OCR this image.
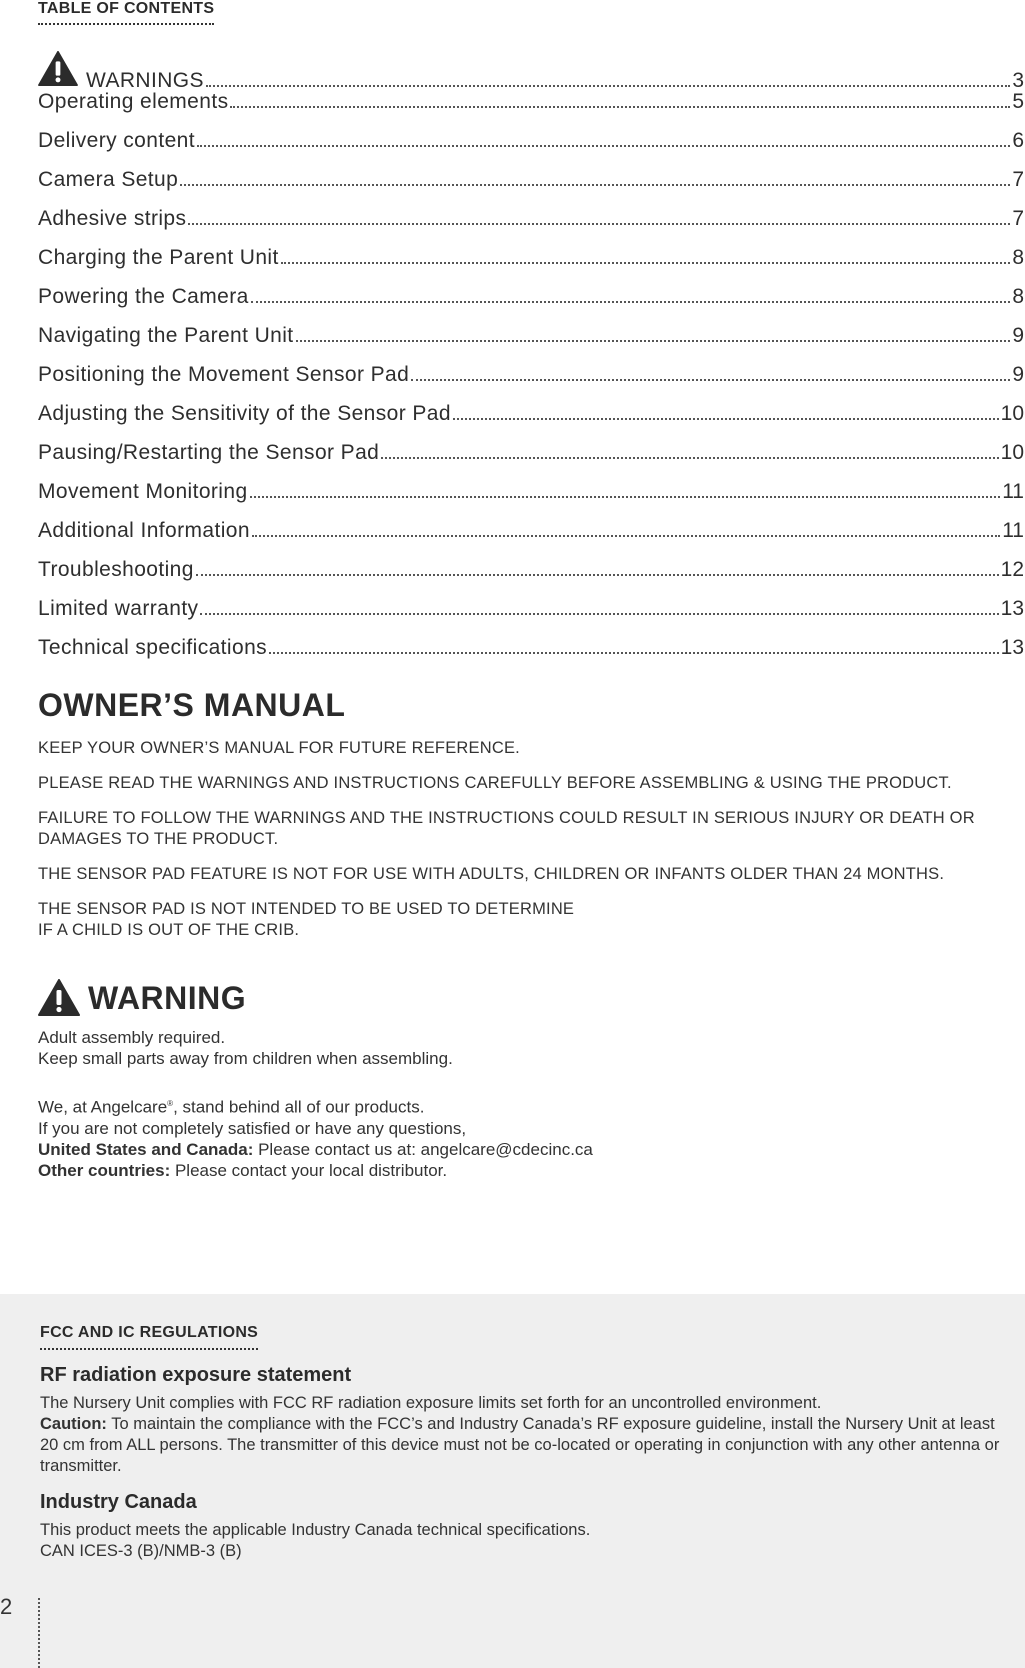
TABLE OF CONTENTS
WARNINGS	3
Operating elements	5
Delivery content	6
Camera Setup	7
Adhesive strips	7
Charging the Parent Unit	8
Powering the Camera	8
Navigating the Parent Unit	9
Positioning the Movement Sensor Pad	9
Adjusting the Sensitivity of the Sensor Pad	10
Pausing/Restarting the Sensor Pad	10
Movement Monitoring	11
Additional Information	11
Troubleshooting	12
Limited warranty	13
Technical specifications	13
OWNER’S MANUAL

KEEP YOUR OWNER’S MANUAL FOR FUTURE REFERENCE.

PLEASE READ THE WARNINGS AND INSTRUCTIONS CAREFULLY BEFORE ASSEMBLING & USING THE PRODUCT.

FAILURE TO FOLLOW THE WARNINGS AND THE INSTRUCTIONS COULD RESULT IN SERIOUS INJURY OR DEATH OR DAMAGES TO THE PRODUCT.

THE SENSOR PAD FEATURE IS NOT FOR USE WITH ADULTS, CHILDREN OR INFANTS OLDER THAN 24 MONTHS.

THE SENSOR PAD IS NOT INTENDED TO BE USED TO DETERMINE
IF A CHILD IS OUT OF THE CRIB.

WARNING

Adult assembly required.
Keep small parts away from children when assembling.

We, at Angelcare®, stand behind all of our products.
If you are not completely satisfied or have any questions,
United States and Canada: Please contact us at: angelcare@cdecinc.ca
Other countries: Please contact your local distributor.

FCC AND IC REGULATIONS
RF radiation exposure statement

The Nursery Unit complies with FCC RF radiation exposure limits set forth for an uncontrolled environment.
Caution: To maintain the compliance with the FCC’s and Industry Canada’s RF exposure guideline, install the Nursery Unit at least 20 cm from ALL persons. The transmitter of this device must not be co-located or operating in conjunction with any other antenna or transmitter.

Industry Canada

This product meets the applicable Industry Canada technical specifications.
CAN ICES-3 (B)/NMB-3 (B)

2
